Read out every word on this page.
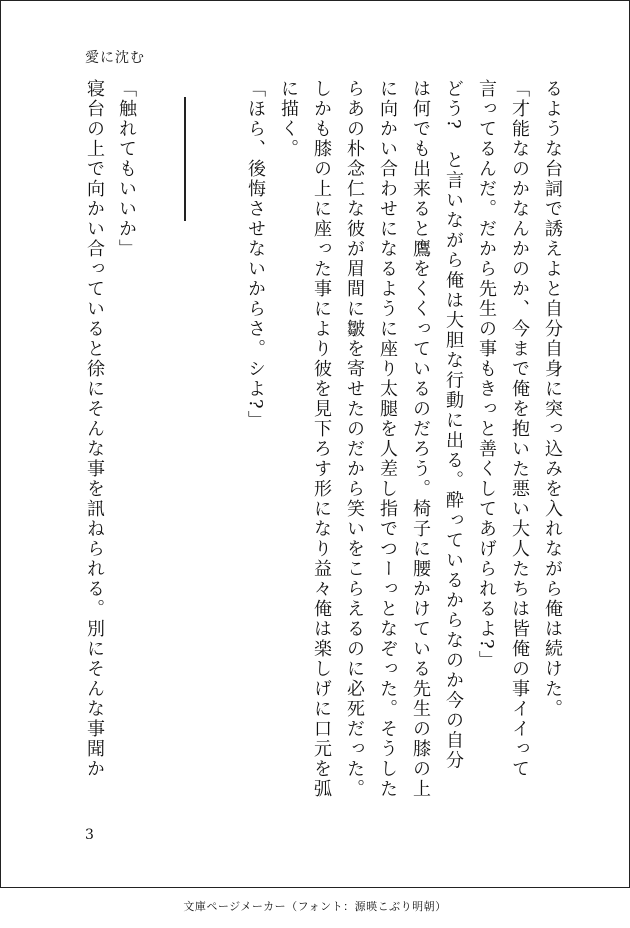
愛に沈む
るような台詞で誘えよと自分自身に突っ込みを入れながら俺は続けた。
「才能なのかなんかのか、今まで俺を抱いた悪い大人たちは皆俺の事イイって
言ってるんだ。だから先生の事もきっと善くしてあげられるよ?」
どう?　と言いながら俺は大胆な行動に出る。酔っているからなのか今の自分
は何でも出来ると鷹をくくっているのだろう。椅子に腰かけている先生の膝の上
に向かい合わせになるように座り太腿を人差し指でつーっとなぞった。そうした
らあの朴念仁な彼が眉間に皺を寄せたのだから笑いをこらえるのに必死だった。
しかも膝の上に座った事により彼を見下ろす形になり益々俺は楽しげに口元を弧
に描く。
「ほら、後悔させないからさ。シよ?」
「触れてもいいか」
寝台の上で向かい合っていると徐にそんな事を訊ねられる。別にそんな事聞か
3
文庫ページメーカー（フォント：源暎こぶり明朝）
